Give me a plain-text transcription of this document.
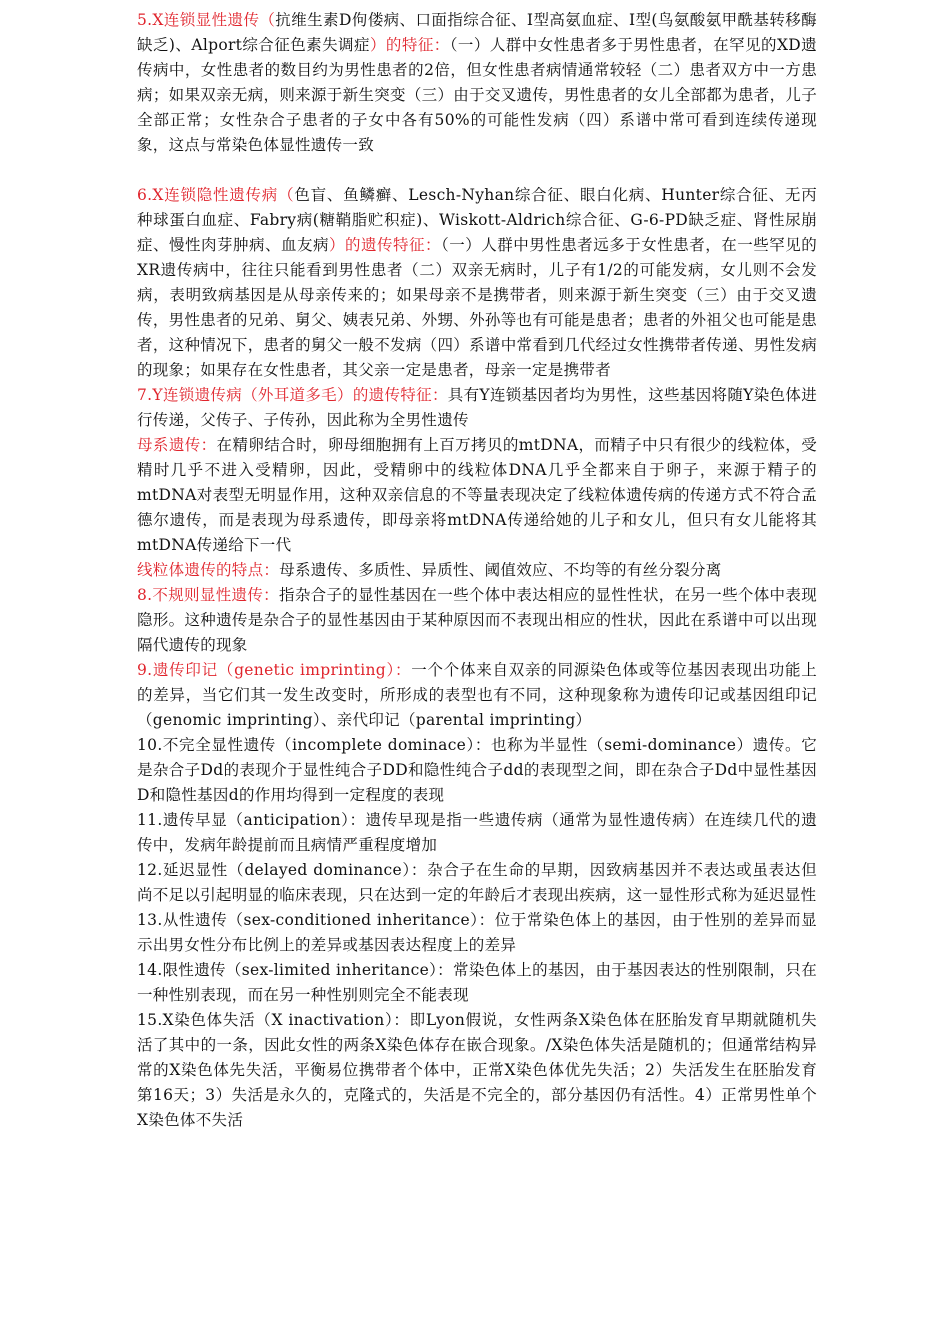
5.X连锁显性遗传（抗维生素D佝偻病、口面指综合征、I型高氨血症、I型(鸟氨酸氨甲酰基转移酶缺乏)、Alport综合征色素失调症）的特征：（一）人群中女性患者多于男性患者，在罕见的XD遗传病中，女性患者的数目约为男性患者的2倍，但女性患者病情通常较轻（二）患者双方中一方患病；如果双亲无病，则来源于新生突变（三）由于交叉遗传，男性患者的女儿全部都为患者，儿子全部正常；女性杂合子患者的子女中各有50%的可能性发病（四）系谱中常可看到连续传递现象，这点与常染色体显性遗传一致

6.X连锁隐性遗传病（色盲、鱼鳞癣、Lesch-Nyhan综合征、眼白化病、Hunter综合征、无丙种球蛋白血症、Fabry病(糖鞘脂贮积症)、Wiskott-Aldrich综合征、G-6-PD缺乏症、肾性尿崩症、慢性肉芽肿病、血友病）的遗传特征：（一）人群中男性患者远多于女性患者，在一些罕见的XR遗传病中，往往只能看到男性患者（二）双亲无病时，儿子有1/2的可能发病，女儿则不会发病，表明致病基因是从母亲传来的；如果母亲不是携带者，则来源于新生突变（三）由于交叉遗传，男性患者的兄弟、舅父、姨表兄弟、外甥、外孙等也有可能是患者；患者的外祖父也可能是患者，这种情况下，患者的舅父一般不发病（四）系谱中常看到几代经过女性携带者传递、男性发病的现象；如果存在女性患者，其父亲一定是患者，母亲一定是携带者

7.Y连锁遗传病（外耳道多毛）的遗传特征：具有Y连锁基因者均为男性，这些基因将随Y染色体进行传递，父传子、子传孙，因此称为全男性遗传

母系遗传：在精卵结合时，卵母细胞拥有上百万拷贝的mtDNA，而精子中只有很少的线粒体，受精时几乎不进入受精卵，因此，受精卵中的线粒体DNA几乎全都来自于卵子，来源于精子的mtDNA对表型无明显作用，这种双亲信息的不等量表现决定了线粒体遗传病的传递方式不符合孟德尔遗传，而是表现为母系遗传，即母亲将mtDNA传递给她的儿子和女儿，但只有女儿能将其mtDNA传递给下一代

线粒体遗传的特点：母系遗传、多质性、异质性、阈值效应、不均等的有丝分裂分离

8.不规则显性遗传：指杂合子的显性基因在一些个体中表达相应的显性性状，在另一些个体中表现隐形。这种遗传是杂合子的显性基因由于某种原因而不表现出相应的性状，因此在系谱中可以出现隔代遗传的现象

9.遗传印记（genetic imprinting）：一个个体来自双亲的同源染色体或等位基因表现出功能上的差异，当它们其一发生改变时，所形成的表型也有不同，这种现象称为遗传印记或基因组印记（genomic imprinting）、亲代印记（parental imprinting）

10.不完全显性遗传（incomplete dominace）：也称为半显性（semi-dominance）遗传。它是杂合子Dd的表现介于显性纯合子DD和隐性纯合子dd的表现型之间，即在杂合子Dd中显性基因D和隐性基因d的作用均得到一定程度的表现

11.遗传早显（anticipation）：遗传早现是指一些遗传病（通常为显性遗传病）在连续几代的遗传中，发病年龄提前而且病情严重程度增加

12.延迟显性（delayed dominance）：杂合子在生命的早期，因致病基因并不表达或虽表达但尚不足以引起明显的临床表现，只在达到一定的年龄后才表现出疾病，这一显性形式称为延迟显性

13.从性遗传（sex-conditioned inheritance）：位于常染色体上的基因，由于性别的差异而显示出男女性分布比例上的差异或基因表达程度上的差异

14.限性遗传（sex-limited inheritance）：常染色体上的基因，由于基因表达的性别限制，只在一种性别表现，而在另一种性别则完全不能表现

15.X染色体失活（X inactivation）：即Lyon假说，女性两条X染色体在胚胎发育早期就随机失活了其中的一条，因此女性的两条X染色体存在嵌合现象。/X染色体失活是随机的；但通常结构异常的X染色体先失活，平衡易位携带者个体中，正常X染色体优先失活；2）失活发生在胚胎发育第16天；3）失活是永久的，克隆式的，失活是不完全的，部分基因仍有活性。4）正常男性单个X染色体不失活
